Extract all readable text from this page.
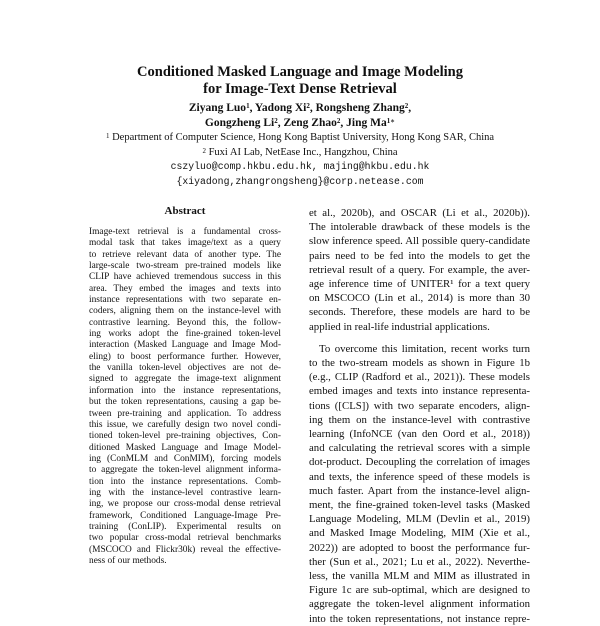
Conditioned Masked Language and Image Modeling
for Image-Text Dense Retrieval
Ziyang Luo$^1$, Yadong Xi$^2$, Rongsheng Zhang$^2$,
Gongzheng Li$^2$, Zeng Zhao$^2$, Jing $Ma^{1∗}$
$^1$ Department of Computer Science, Hong Kong Baptist University, Hong Kong SAR, China
$^2$ Fuxi AI Lab, NetEase Inc., Hangzhou, China
cszyluo@comp.hkbu.edu.hk, majing@hkbu.edu.hk
{xiyadong,zhangrongsheng}@corp.netease.com
Abstract
Image-text retrieval is a fundamental cross-
modal task that takes image/text as a query
to retrieve relevant data of another type. The
large-scale two-stream pre-trained models like
CLIP have achieved tremendous success in this
area. They embed the images and texts into
instance representations with two separate en-
coders, aligning them on the instance-level with
contrastive learning. Beyond this, the follow-
ing works adopt the fine-grained token-level
interaction (Masked Language and Image Mod-
eling) to boost performance further. However,
the vanilla token-level objectives are not de-
signed to aggregate the image-text alignment
information into the instance representations,
but the token representations, causing a gap be-
tween pre-training and application. To address
this issue, we carefully design two novel condi-
tioned token-level pre-training objectives, Con-
ditioned Masked Language and Image Model-
ing (ConMLM and ConMIM), forcing models
to aggregate the token-level alignment informa-
tion into the instance representations. Comb-
ing with the instance-level contrastive learn-
ing, we propose our cross-modal dense retrieval
framework, Conditioned Language-Image Pre-
training (ConLIP). Experimental results on
two popular cross-modal retrieval benchmarks
(MSCOCO and Flickr30k) reveal the effective-
ness of our methods.
et al., 2020b), and OSCAR (Li et al., 2020b)).
The intolerable drawback of these models is the
slow inference speed. All possible query-candidate
pairs need to be fed into the models to get the
retrieval result of a query. For example, the aver-
age inference time of UNITER¹ for a text query
on MSCOCO (Lin et al., 2014) is more than 30
seconds. Therefore, these models are hard to be
applied in real-life industrial applications.
To overcome this limitation, recent works turn
to the two-stream models as shown in Figure 1b
(e.g., CLIP (Radford et al., 2021)). These models
embed images and texts into instance representa-
tions ([CLS]) with two separate encoders, align-
ing them on the instance-level with contrastive
learning (InfoNCE (van den Oord et al., 2018))
and calculating the retrieval scores with a simple
dot-product. Decoupling the correlation of images
and texts, the inference speed of these models is
much faster. Apart from the instance-level align-
ment, the fine-grained token-level tasks (Masked
Language Modeling, MLM (Devlin et al., 2019)
and Masked Image Modeling, MIM (Xie et al.,
2022)) are adopted to boost the performance fur-
ther (Sun et al., 2021; Lu et al., 2022). Neverthe-
less, the vanilla MLM and MIM as illustrated in
Figure 1c are sub-optimal, which are designed to
aggregate the token-level alignment information
into the token representations, not instance repre-
